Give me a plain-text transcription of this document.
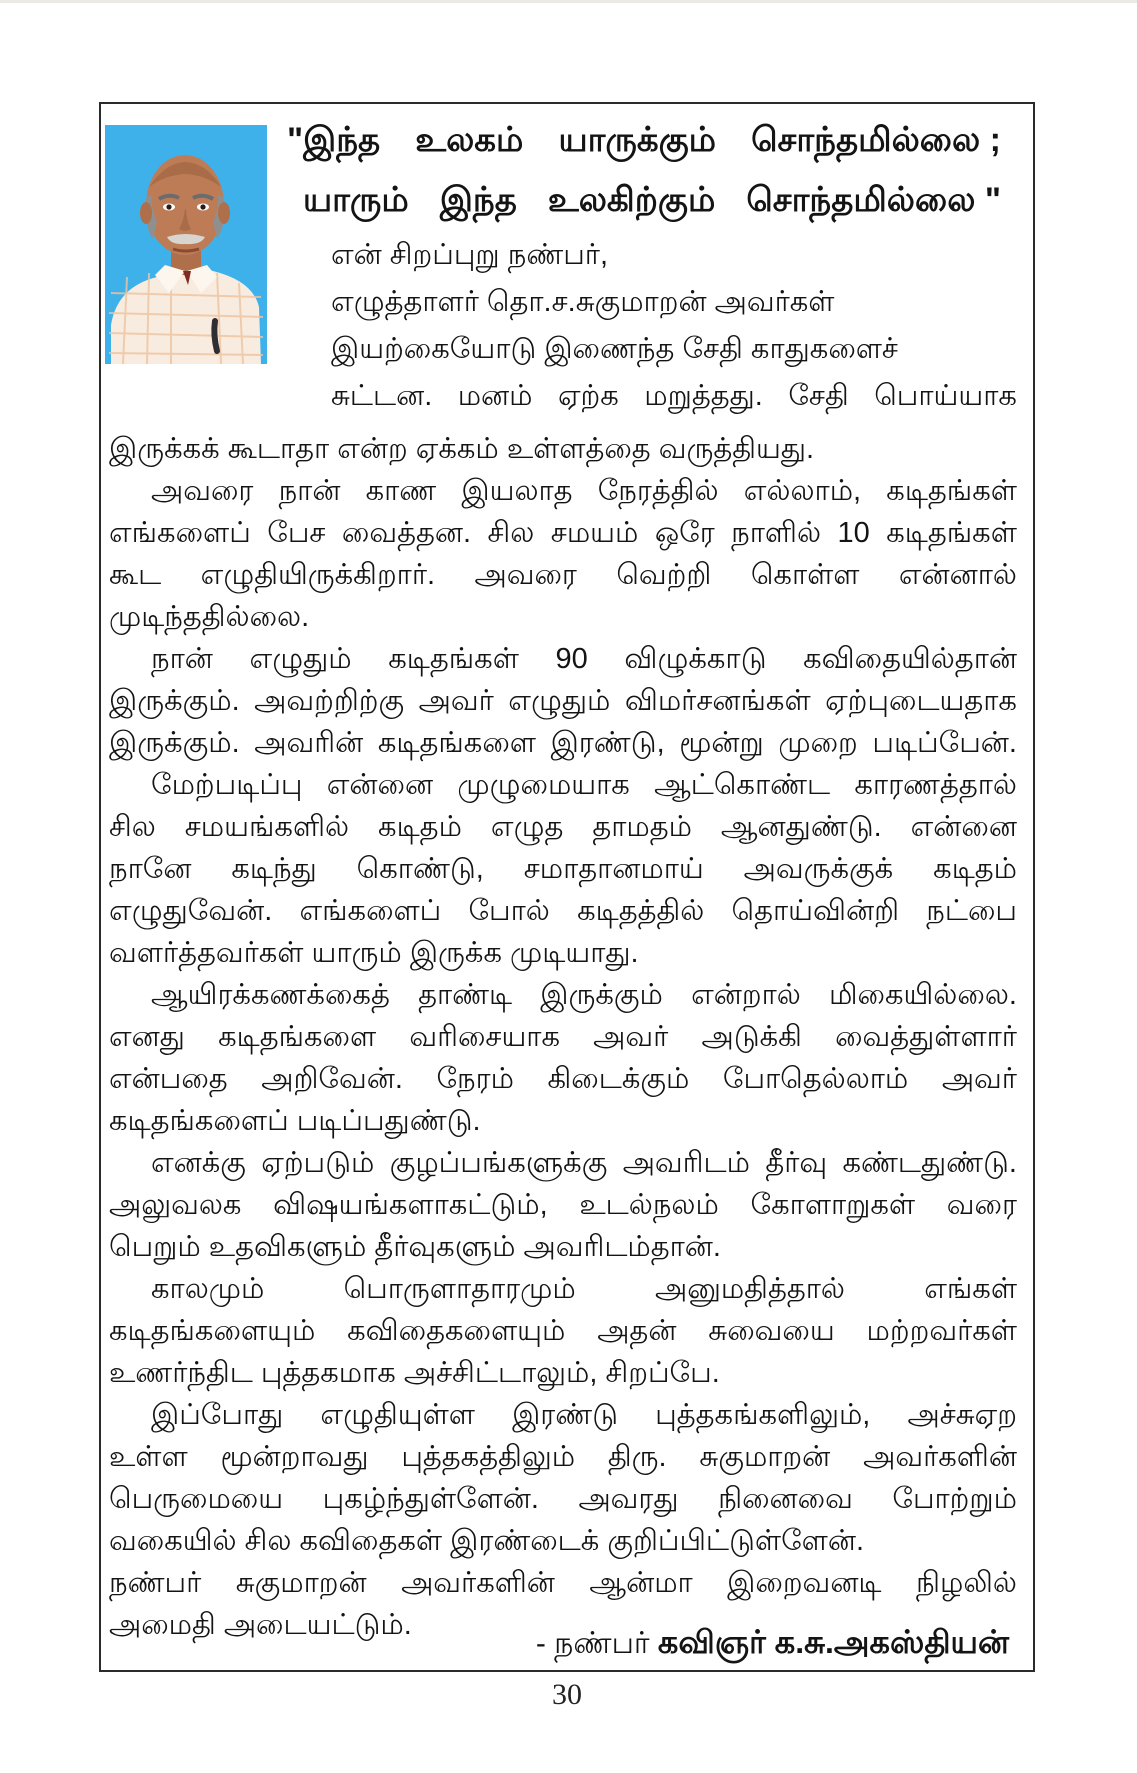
"இந்த உலகம் யாருக்கும் சொந்தமில்லை ;
யாரும் இந்த உலகிற்கும் சொந்தமில்லை "
என் சிறப்புறு நண்பர்,
எழுத்தாளர் தொ.ச.சுகுமாறன் அவர்கள்
இயற்கையோடு இணைந்த சேதி காதுகளைச்
சுட்டன. மனம் ஏற்க மறுத்தது. சேதி பொய்யாக
இருக்கக் கூடாதா என்ற ஏக்கம் உள்ளத்தை வருத்தியது.
அவரை நான் காண இயலாத நேரத்தில் எல்லாம், கடிதங்கள்
எங்களைப் பேச வைத்தன. சில சமயம் ஒரே நாளில் 10 கடிதங்கள்
கூட எழுதியிருக்கிறார். அவரை வெற்றி கொள்ள என்னால்
முடிந்ததில்லை.
நான் எழுதும் கடிதங்கள் 90 விழுக்காடு கவிதையில்தான்
இருக்கும். அவற்றிற்கு அவர் எழுதும் விமர்சனங்கள் ஏற்புடையதாக
இருக்கும். அவரின் கடிதங்களை இரண்டு, மூன்று முறை படிப்பேன்.
மேற்படிப்பு என்னை முழுமையாக ஆட்கொண்ட காரணத்தால்
சில சமயங்களில் கடிதம் எழுத தாமதம் ஆனதுண்டு. என்னை
நானே கடிந்து கொண்டு, சமாதானமாய் அவருக்குக் கடிதம்
எழுதுவேன். எங்களைப் போல் கடிதத்தில் தொய்வின்றி நட்பை
வளர்த்தவர்கள் யாரும் இருக்க முடியாது.
ஆயிரக்கணக்கைத் தாண்டி இருக்கும் என்றால் மிகையில்லை.
எனது கடிதங்களை வரிசையாக அவர் அடுக்கி வைத்துள்ளார்
என்பதை அறிவேன். நேரம் கிடைக்கும் போதெல்லாம் அவர்
கடிதங்களைப் படிப்பதுண்டு.
எனக்கு ஏற்படும் குழப்பங்களுக்கு அவரிடம் தீர்வு கண்டதுண்டு.
அலுவலக விஷயங்களாகட்டும், உடல்நலம் கோளாறுகள் வரை
பெறும் உதவிகளும் தீர்வுகளும் அவரிடம்தான்.
காலமும்	பொருளாதாரமும்	அனுமதித்தால்	எங்கள்
கடிதங்களையும் கவிதைகளையும் அதன் சுவையை மற்றவர்கள்
உணர்ந்திட புத்தகமாக அச்சிட்டாலும், சிறப்பே.
இப்போது எழுதியுள்ள இரண்டு புத்தகங்களிலும், அச்சுஏற
உள்ள மூன்றாவது புத்தகத்திலும் திரு. சுகுமாறன் அவர்களின்
பெருமையை புகழ்ந்துள்ளேன். அவரது நினைவை போற்றும்
வகையில் சில கவிதைகள் இரண்டைக் குறிப்பிட்டுள்ளேன்.
நண்பர் சுகுமாறன் அவர்களின் ஆன்மா இறைவனடி நிழலில்
அமைதி அடையட்டும்.
- நண்பர் கவிஞர் க.சு.அகஸ்தியன்
30
